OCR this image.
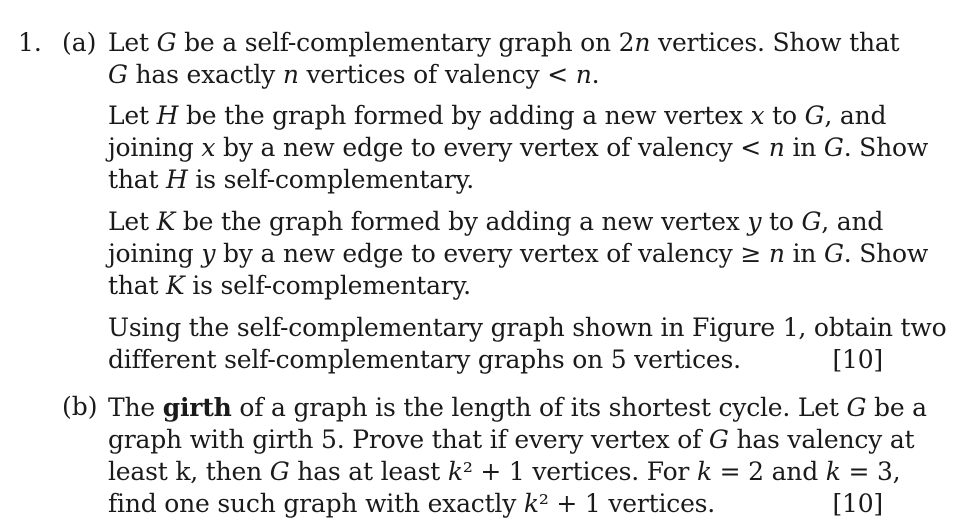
1. (a) Let G be a self-complementary graph on 2n vertices. Show that
G has exactly n vertices of valency < n.
Let H be the graph formed by adding a new vertex x to G, and
joining x by a new edge to every vertex of valency < n in G. Show
that H is self-complementary.
Let K be the graph formed by adding a new vertex y to G, and
joining y by a new edge to every vertex of valency ≥ n in G. Show
that K is self-complementary.
Using the self-complementary graph shown in Figure 1, obtain two
different self-complementary graphs on 5 vertices.	[10]
(b) The girth of a graph is the length of its shortest cycle. Let G be a
graph with girth 5. Prove that if every vertex of G has valency at
least k, then G has at least k² + 1 vertices. For k = 2 and k = 3,
find one such graph with exactly k² + 1 vertices.	[10]
